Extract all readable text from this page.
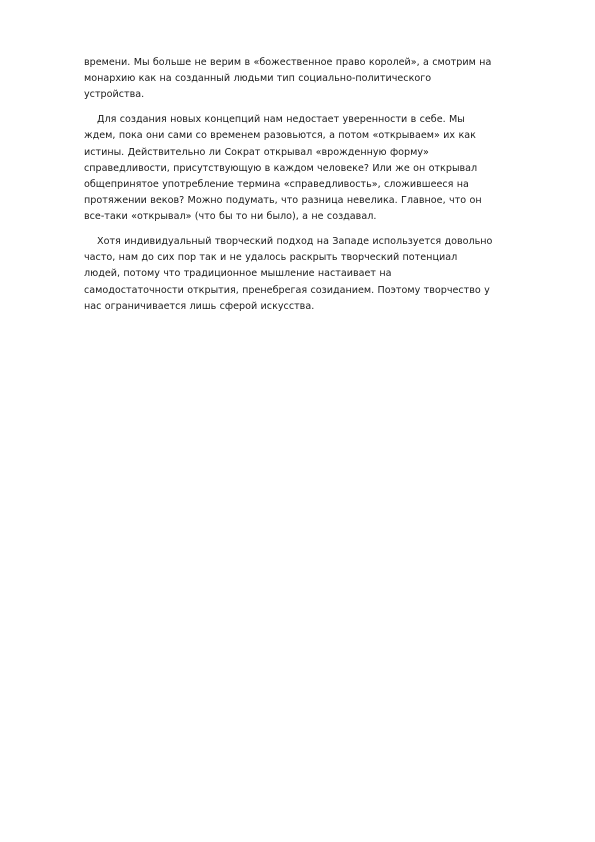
времени. Мы больше не верим в «божественное право королей», а смотрим на
монархию как на созданный людьми тип социально-политического
устройства.

Для создания новых концепций нам недостает уверенности в себе. Мы
ждем, пока они сами со временем разовьются, а потом «открываем» их как
истины. Действительно ли Сократ открывал «врожденную форму»
справедливости, присутствующую в каждом человеке? Или же он открывал
общепринятое употребление термина «справедливость», сложившееся на
протяжении веков? Можно подумать, что разница невелика. Главное, что он
все-таки «открывал» (что бы то ни было), а не создавал.

Хотя индивидуальный творческий подход на Западе используется довольно
часто, нам до сих пор так и не удалось раскрыть творческий потенциал
людей, потому что традиционное мышление настаивает на
самодостаточности открытия, пренебрегая созиданием. Поэтому творчество у
нас ограничивается лишь сферой искусства.
